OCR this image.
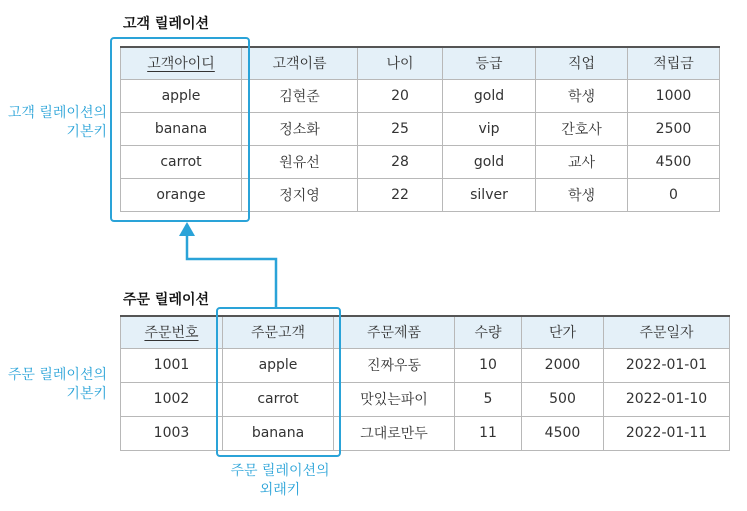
고객 릴레이션
고객 릴레이션의
기본키
고객아이디	고객이름	나이	등급	직업	적립금
apple	김현준	20	gold	학생	1000
banana	정소화	25	vip	간호사	2500
carrot	원유선	28	gold	교사	4500
orange	정지영	22	silver	학생	0
주문 릴레이션
주문 릴레이션의
기본키
주문번호	주문고객	주문제품	수량	단가	주문일자
1001	apple	진짜우동	10	2000	2022-01-01
1002	carrot	맛있는파이	5	500	2022-01-10
1003	banana	그대로만두	11	4500	2022-01-11
주문 릴레이션의
외래키
